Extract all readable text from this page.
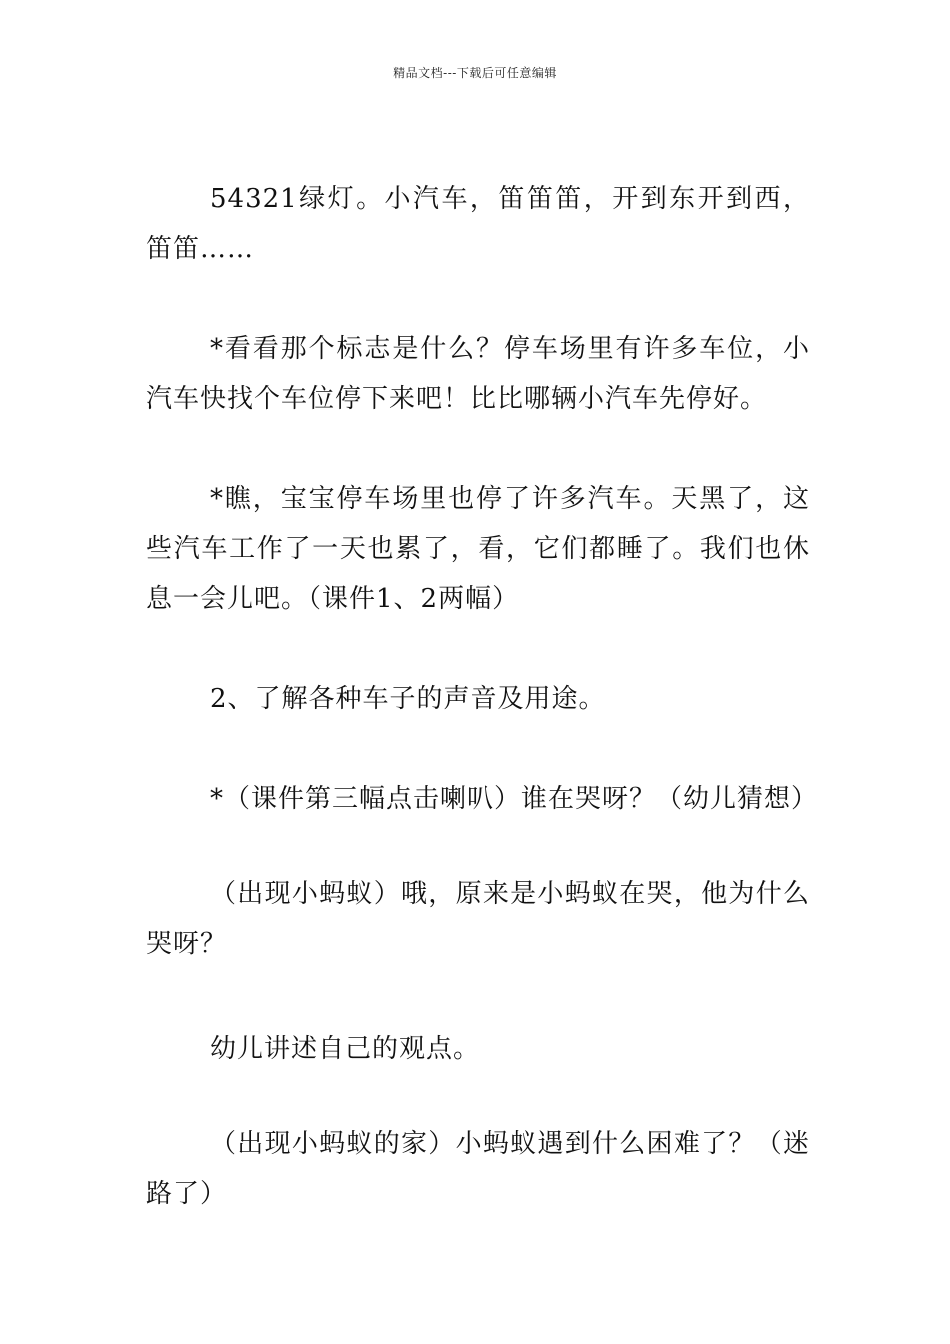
精品文档---下载后可任意编辑

54321绿灯。小汽车，笛笛笛，开到东开到西，笛笛……

*看看那个标志是什么？停车场里有许多车位，小汽车快找个车位停下来吧！比比哪辆小汽车先停好。

*瞧，宝宝停车场里也停了许多汽车。天黑了，这些汽车工作了一天也累了，看，它们都睡了。我们也休息一会儿吧。（课件1、2两幅）

2、了解各种车子的声音及用途。

*（课件第三幅点击喇叭）谁在哭呀？（幼儿猜想）

（出现小蚂蚁）哦，原来是小蚂蚁在哭，他为什么哭呀？

幼儿讲述自己的观点。

（出现小蚂蚁的家）小蚂蚁遇到什么困难了？（迷路了）
